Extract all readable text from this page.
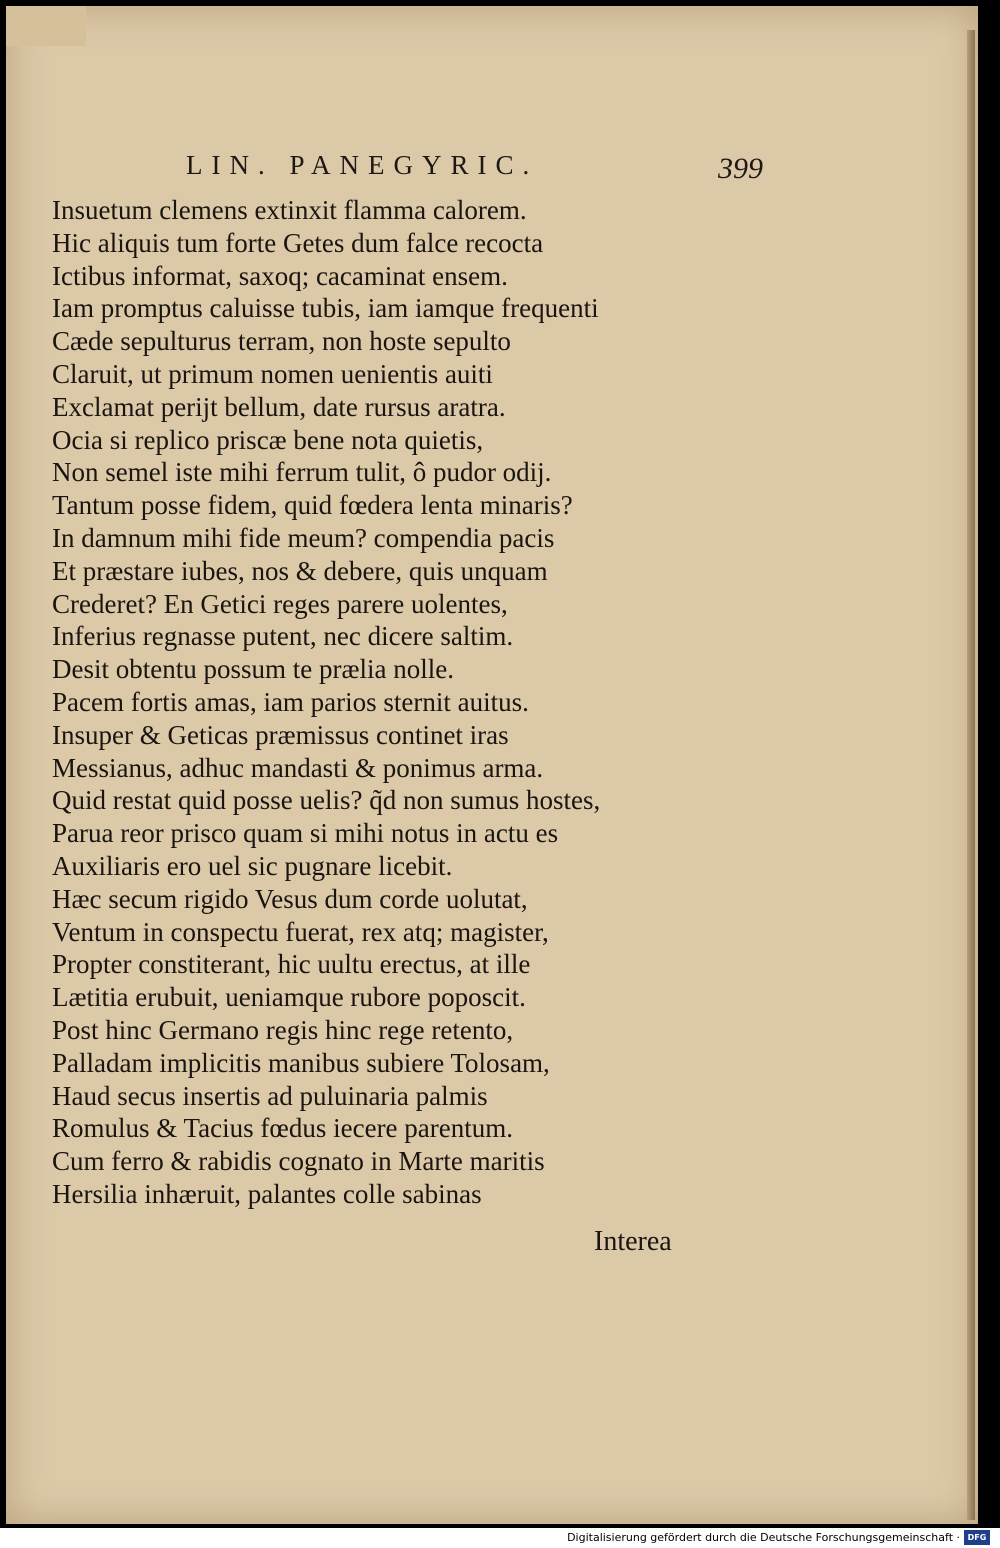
LIN. PANEGYRIC.	399
Insuetum clemens extinxit flamma calorem.
Hic aliquis tum forte Getes dum falce recocta
Ictibus informat, saxoq; cacaminat ensem.
Iam promptus caluisse tubis, iam iamque frequenti
Cæde sepulturus terram, non hoste sepulto
Claruit, ut primum nomen uenientis auiti
Exclamat perijt bellum, date rursus aratra.
Ocia si replico priscæ bene nota quietis,
Non semel iste mihi ferrum tulit, ô pudor odij.
Tantum posse fidem, quid fœdera lenta minaris?
In damnum mihi fide meum? compendia pacis
Et præstare iubes, nos & debere, quis unquam
Crederet? En Getici reges parere uolentes,
Inferius regnasse putent, nec dicere saltim.
Desit obtentu possum te prælia nolle.
Pacem fortis amas, iam parios sternit auitus.
Insuper & Geticas præmissus continet iras
Messianus, adhuc mandasti & ponimus arma.
Quid restat quid posse uelis? q̃d non sumus hostes,
Parua reor prisco quam si mihi notus in actu es
Auxiliaris ero uel sic pugnare licebit.
Hæc secum rigido Vesus dum corde uolutat,
Ventum in conspectu fuerat, rex atq; magister,
Propter constiterant, hic uultu erectus, at ille
Lætitia erubuit, ueniamque rubore poposcit.
Post hinc Germano regis hinc rege retento,
Palladam implicitis manibus subiere Tolosam,
Haud secus insertis ad puluinaria palmis
Romulus & Tacius fœdus iecere parentum.
Cum ferro & rabidis cognato in Marte maritis
Hersilia inhæruit, palantes colle sabinas
Interea
Digitalisierung gefördert durch die Deutsche Forschungsgemeinschaft · DFG
